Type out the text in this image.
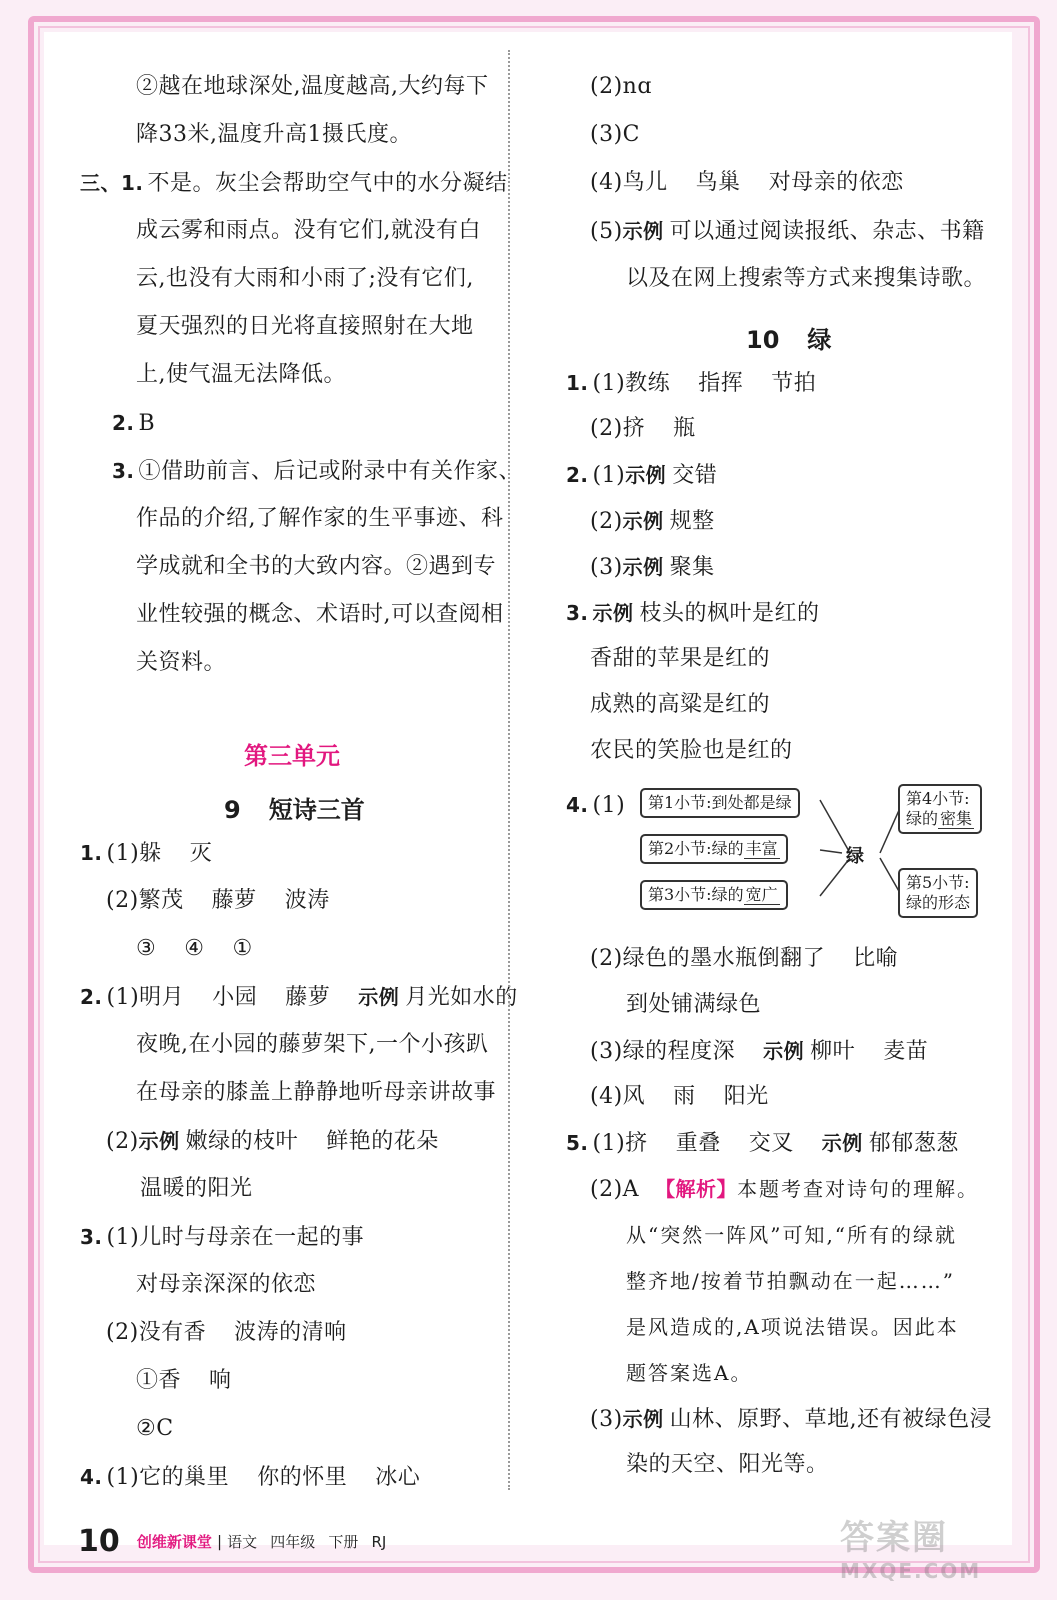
②越在地球深处,温度越高,大约每下
降33米,温度升高1摄氏度。
三、1. 不是。灰尘会帮助空气中的水分凝结
成云雾和雨点。没有它们,就没有白
云,也没有大雨和小雨了;没有它们,
夏天强烈的日光将直接照射在大地
上,使气温无法降低。
2. B
3. ①借助前言、后记或附录中有关作家、
作品的介绍,了解作家的生平事迹、科
学成就和全书的大致内容。②遇到专
业性较强的概念、术语时,可以查阅相
关资料。
第三单元
9 短诗三首
1. (1)躲 灭
(2)繁茂 藤萝 波涛
③ ④ ①
2. (1)明月 小园 藤萝 示例 月光如水的
夜晚,在小园的藤萝架下,一个小孩趴
在母亲的膝盖上静静地听母亲讲故事
(2)示例 嫩绿的枝叶 鲜艳的花朵
温暖的阳光
3. (1)儿时与母亲在一起的事
对母亲深深的依恋
(2)没有香 波涛的清响
①香 响
②C
4. (1)它的巢里 你的怀里 冰心
(2)nɑ
(3)C
(4)鸟儿 鸟巢 对母亲的依恋
(5)示例 可以通过阅读报纸、杂志、书籍
以及在网上搜索等方式来搜集诗歌。
10 绿
1. (1)教练 指挥 节拍
(2)挤 瓶
2. (1)示例 交错
(2)示例 规整
(3)示例 聚集
3. 示例 枝头的枫叶是红的
香甜的苹果是红的
成熟的高粱是红的
农民的笑脸也是红的
4. (1)	第1小节:到处都是绿
第2小节:绿的 丰富
第3小节:绿的 宽广
绿
第4小节:
绿的 密集
第5小节:
绿的形态
(2)绿色的墨水瓶倒翻了 比喻
到处铺满绿色
(3)绿的程度深 示例 柳叶 麦苗
(4)风 雨 阳光
5. (1)挤 重叠 交叉 示例 郁郁葱葱
(2)A 【解析】本题考查对诗句的理解。
从“突然一阵风”可知,“所有的绿就
整齐地/按着节拍飘动在一起……”
是风造成的,A项说法错误。因此本
题答案选A。
(3)示例 山林、原野、草地,还有被绿色浸
染的天空、阳光等。
10 创维新课堂 | 语文 四年级 下册 RJ	答案圈
MXQE.COM
